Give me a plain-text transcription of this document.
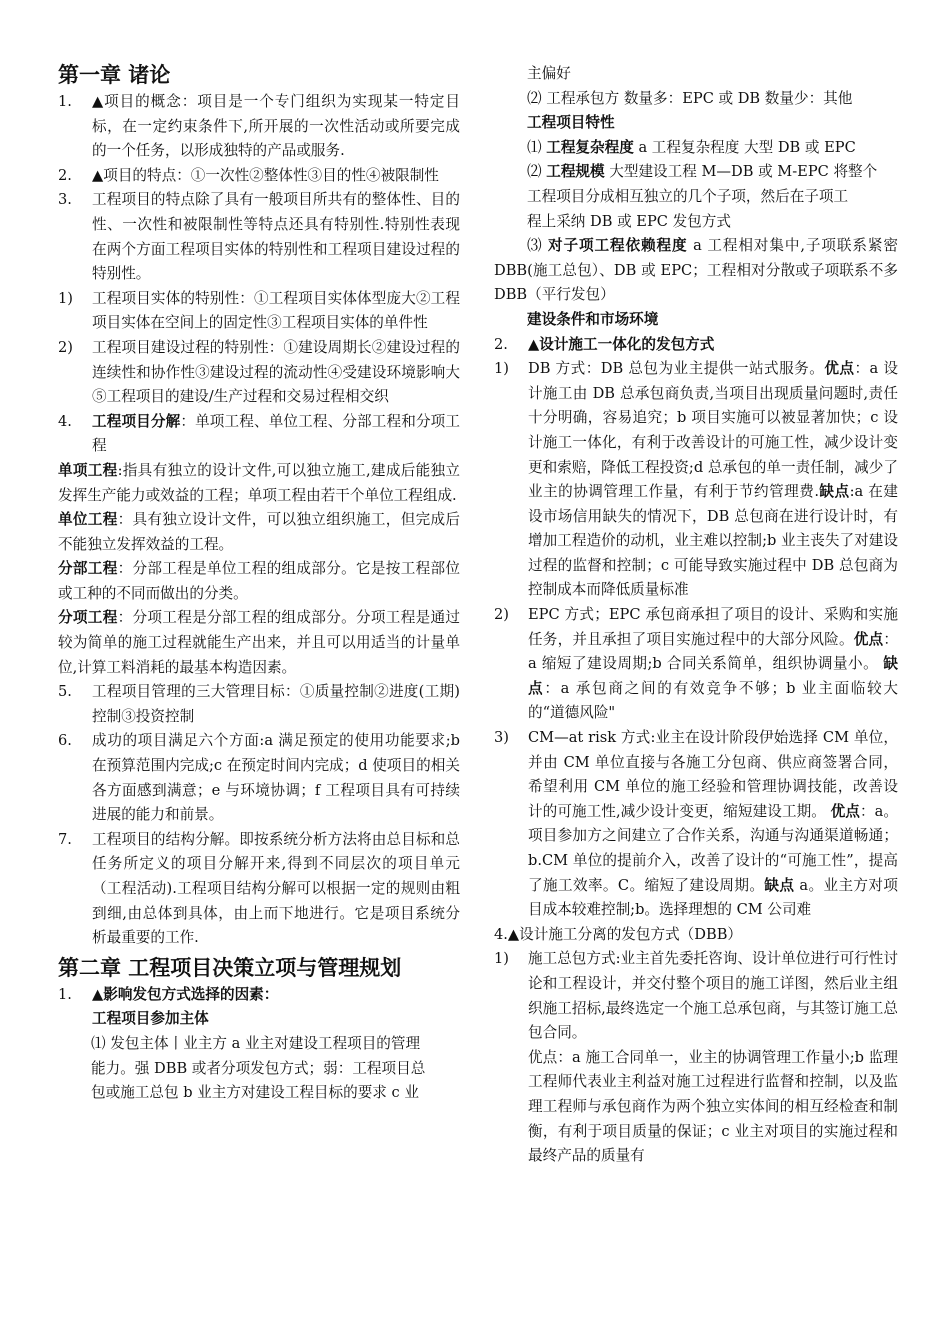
第一章 诸论
1.	▲项目的概念：项目是一个专门组织为实现某一特定目标，在一定约束条件下,所开展的一次性活动或所要完成的一个任务，以形成独特的产品或服务.

2.	▲项目的特点：①一次性②整体性③目的性④被限制性

3.	工程项目的特点除了具有一般项目所共有的整体性、目的性、一次性和被限制性等特点还具有特别性.特别性表现在两个方面工程项目实体的特别性和工程项目建设过程的特别性。

1)	工程项目实体的特别性：①工程项目实体体型庞大②工程项目实体在空间上的固定性③工程项目实体的单件性

2)	工程项目建设过程的特别性：①建设周期长②建设过程的连续性和协作性③建设过程的流动性④受建设环境影响大⑤工程项目的建设/生产过程和交易过程相交织

4.	工程项目分解：单项工程、单位工程、分部工程和分项工程

单项工程:指具有独立的设计文件,可以独立施工,建成后能独立发挥生产能力或效益的工程；单项工程由若干个单位工程组成.

单位工程：具有独立设计文件，可以独立组织施工，但完成后不能独立发挥效益的工程。

分部工程：分部工程是单位工程的组成部分。它是按工程部位或工种的不同而做出的分类。

分项工程：分项工程是分部工程的组成部分。分项工程是通过较为简单的施工过程就能生产出来，并且可以用适当的计量单位,计算工料消耗的最基本构造因素。

5.	工程项目管理的三大管理目标：①质量控制②进度(工期)控制③投资控制

6.	成功的项目满足六个方面:a 满足预定的使用功能要求;b 在预算范围内完成;c 在预定时间内完成；d 使项目的相关各方面感到满意；e 与环境协调；f 工程项目具有可持续进展的能力和前景。

7.	工程项目的结构分解。即按系统分析方法将由总目标和总任务所定义的项目分解开来,得到不同层次的项目单元（工程活动).工程项目结构分解可以根据一定的规则由粗到细,由总体到具体，由上而下地进行。它是项目系统分析最重要的工作.

第二章 工程项目决策立项与管理规划
1.	▲影响发包方式选择的因素：

工程项目参加主体

⑴ 发包主体丨业主方 a 业主对建设工程项目的管理

能力。强 DBB 或者分项发包方式；弱：工程项目总

包或施工总包 b 业主方对建设工程目标的要求 c 业

主偏好

⑵ 工程承包方 数量多：EPC 或 DB 数量少：其他

工程项目特性

⑴ 工程复杂程度 a 工程复杂程度 大型 DB 或 EPC

⑵ 工程规模 大型建设工程 M—DB 或 M-EPC 将整个

工程项目分成相互独立的几个子项，然后在子项工

程上采纳 DB 或 EPC 发包方式

⑶ 对子项工程依赖程度 a 工程相对集中,子项联系紧密 DBB(施工总包）、DB 或 EPC；工程相对分散或子项联系不多 DBB（平行发包）

建设条件和市场环境

2.	▲设计施工一体化的发包方式

1)	DB 方式：DB 总包为业主提供一站式服务。优点：a 设计施工由 DB 总承包商负责,当项目出现质量问题时,责任十分明确，容易追究；b 项目实施可以被显著加快；c 设计施工一体化，有利于改善设计的可施工性，减少设计变更和索赔，降低工程投资;d 总承包的单一责任制，减少了业主的协调管理工作量，有利于节约管理费.缺点:a 在建设市场信用缺失的情况下，DB 总包商在进行设计时，有增加工程造价的动机，业主难以控制;b 业主丧失了对建设过程的监督和控制；c 可能导致实施过程中 DB 总包商为控制成本而降低质量标准

2)	EPC 方式；EPC 承包商承担了项目的设计、采购和实施任务，并且承担了项目实施过程中的大部分风险。优点：a 缩短了建设周期;b 合同关系简单，组织协调量小。 缺点：a 承包商之间的有效竞争不够；b 业主面临较大的“道德风险"

3)	CM—at risk 方式:业主在设计阶段伊始选择 CM 单位，并由 CM 单位直接与各施工分包商、供应商签署合同，希望利用 CM 单位的施工经验和管理协调技能，改善设计的可施工性,减少设计变更，缩短建设工期。 优点：a。项目参加方之间建立了合作关系，沟通与沟通渠道畅通；b.CM 单位的提前介入，改善了设计的“可施工性”，提高了施工效率。C。缩短了建设周期。缺点 a。业主方对项目成本较难控制;b。选择理想的 CM 公司难

4.▲设计施工分离的发包方式（DBB）

1)	施工总包方式:业主首先委托咨询、设计单位进行可行性讨论和工程设计，并交付整个项目的施工详图，然后业主组织施工招标,最终选定一个施工总承包商，与其签订施工总包合同。

优点：a 施工合同单一，业主的协调管理工作量小;b 监理工程师代表业主利益对施工过程进行监督和控制，以及监理工程师与承包商作为两个独立实体间的相互经检查和制衡，有利于项目质量的保证；c 业主对项目的实施过程和最终产品的质量有
